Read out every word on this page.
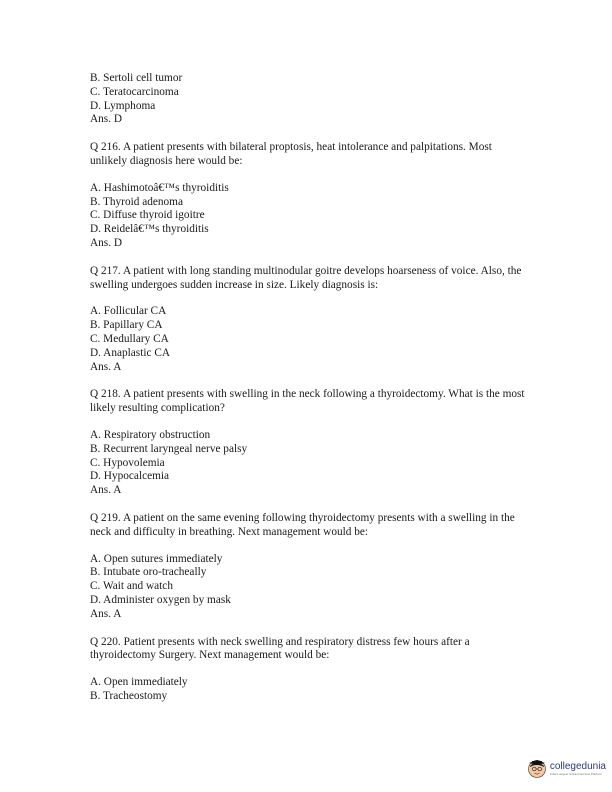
B. Sertoli cell tumor

C. Teratocarcinoma

D. Lymphoma

Ans. D

Q 216. A patient presents with bilateral proptosis, heat intolerance and palpitations. Most unlikely diagnosis here would be:

A. Hashimotoâ€™s thyroiditis

B. Thyroid adenoma

C. Diffuse thyroid igoitre

D. Reidelâ€™s thyroiditis

Ans. D

Q 217. A patient with long standing multinodular goitre develops hoarseness of voice. Also, the swelling undergoes sudden increase in size. Likely diagnosis is:

A. Follicular CA

B. Papillary CA

C. Medullary CA

D. Anaplastic CA

Ans. A

Q 218. A patient presents with swelling in the neck following a thyroidectomy. What is the most likely resulting complication?

A. Respiratory obstruction

B. Recurrent laryngeal nerve palsy

C. Hypovolemia

D. Hypocalcemia

Ans. A

Q 219. A patient on the same evening following thyroidectomy presents with a swelling in the neck and difficulty in breathing. Next management would be:

A. Open sutures immediately

B. Intubate oro-tracheally

C. Wait and watch

D. Administer oxygen by mask

Ans. A

Q 220. Patient presents with neck swelling and respiratory distress few hours after a thyroidectomy Surgery. Next management would be:

A. Open immediately

B. Tracheostomy

collegedunia
India's largest Student Review Platform
